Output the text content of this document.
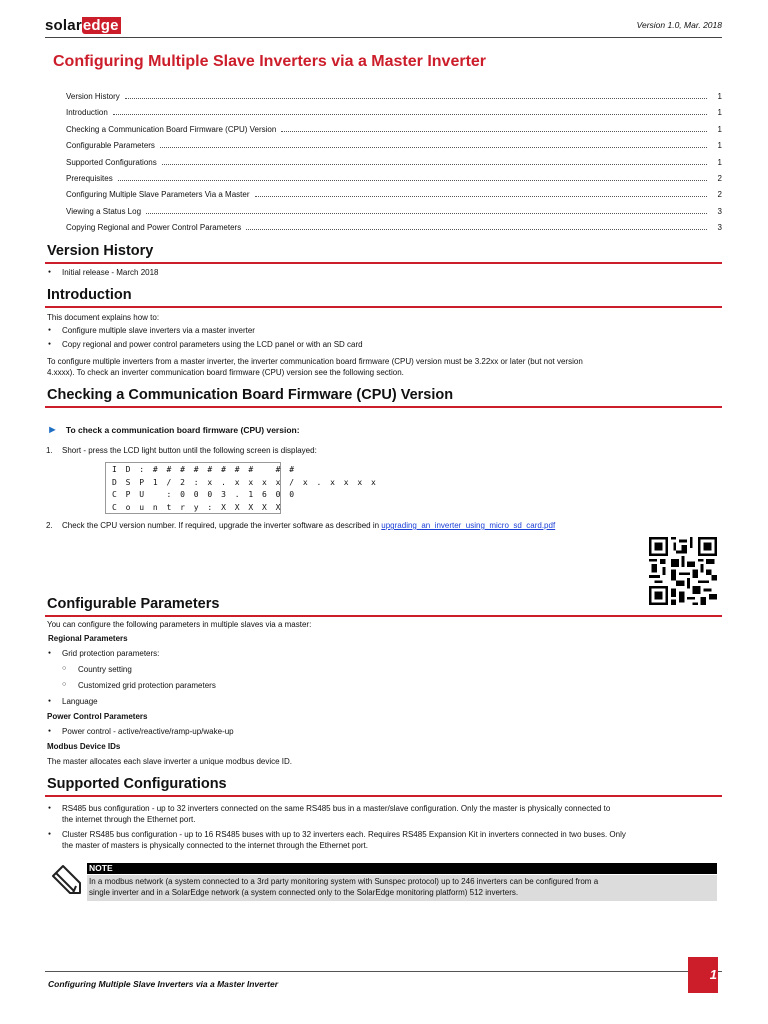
solaredge	Version 1.0, Mar. 2018
Configuring Multiple Slave Inverters via a Master Inverter
Version History	1
Introduction	1
Checking a Communication Board Firmware (CPU) Version	1
Configurable Parameters	1
Supported Configurations	1
Prerequisites	2
Configuring Multiple Slave Parameters Via a Master	2
Viewing a Status Log	3
Copying Regional and Power Control Parameters	3
Version History
● Initial release - March 2018
Introduction

This document explains how to:

● Configure multiple slave inverters via a master inverter
● Copy regional and power control parameters using the LCD panel or with an SD card

To configure multiple inverters from a master inverter, the inverter communication board firmware (CPU) version must be 3.22xx or later (but not version

4.xxxx). To check an inverter communication board firmware (CPU) version see the following section.

Checking a Communication Board Firmware (CPU) Version
► To check a communication board firmware (CPU) version:
1. Short - press the LCD light button until the following screen is displayed:
I D : # # # # # # # #   # #
D S P 1 / 2 : x . x x x x / x . x x x x
C P U   : 0 0 0 3 . 1 6 0 0
C o u n t r y : X X X X X
2. Check the CPU version number. If required, upgrade the inverter software as described in upgrading_an_inverter_using_micro_sd_card.pdf
Configurable Parameters

You can configure the following parameters in multiple slaves via a master:

Regional Parameters

● Grid protection parameters:
○ Country setting
○ Customized grid protection parameters
● Language

Power Control Parameters

● Power control - active/reactive/ramp-up/wake-up

Modbus Device IDs

The master allocates each slave inverter a unique modbus device ID.

Supported Configurations
● RS485 bus configuration - up to 32 inverters connected on the same RS485 bus in a master/slave configuration. Only the master is physically connected to
the internet through the Ethernet port.
● Cluster RS485 bus configuration - up to 16 RS485 buses with up to 32 inverters each. Requires RS485 Expansion Kit in inverters connected in two buses. Only
the master of masters is physically connected to the internet through the Ethernet port.
NOTE
In a modbus network (a system connected to a 3rd party monitoring system with Sunspec protocol) up to 246 inverters can be configured from a
single inverter and in a SolarEdge network (a system connected only to the SolarEdge monitoring platform) 512 inverters.
Configuring Multiple Slave Inverters via a Master Inverter
1
